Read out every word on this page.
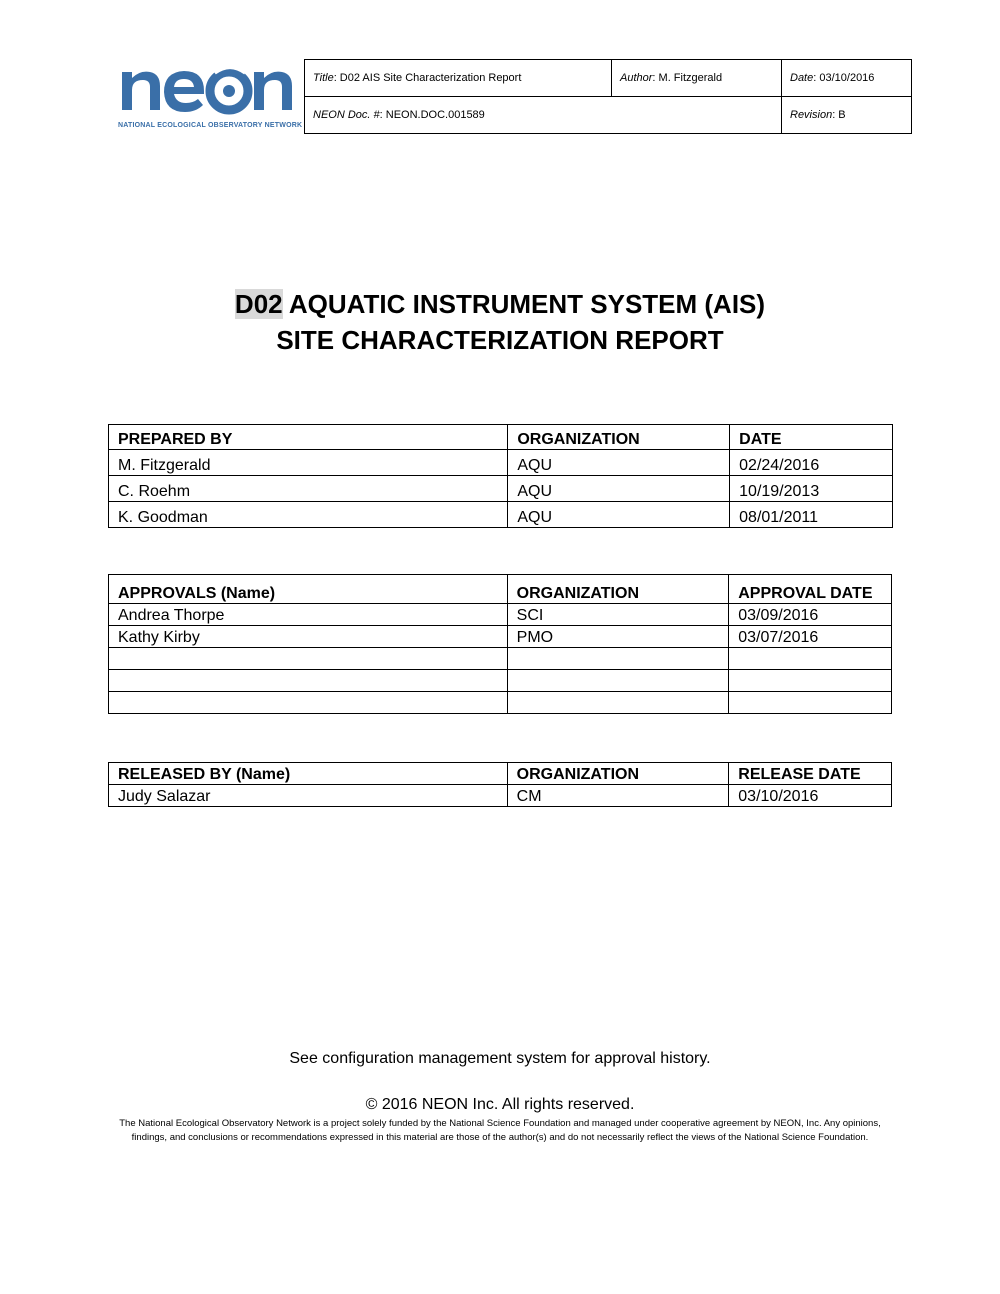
NATIONAL ECOLOGICAL OBSERVATORY NETWORK
Title: D02 AIS Site Characterization Report	Author: M. Fitzgerald	Date: 03/10/2016
NEON Doc. #: NEON.DOC.001589		Revision: B
D02 AQUATIC INSTRUMENT SYSTEM (AIS)
SITE CHARACTERIZATION REPORT
PREPARED BY	ORGANIZATION	DATE
M. Fitzgerald	AQU	02/24/2016
C. Roehm	AQU	10/19/2013
K. Goodman	AQU	08/01/2011
APPROVALS (Name)	ORGANIZATION	APPROVAL DATE
Andrea Thorpe	SCI	03/09/2016
Kathy Kirby	PMO	03/07/2016

RELEASED BY (Name)	ORGANIZATION	RELEASE DATE
Judy Salazar	CM	03/10/2016
See configuration management system for approval history.
© 2016 NEON Inc. All rights reserved.
The National Ecological Observatory Network is a project solely funded by the National Science Foundation and managed under cooperative agreement by NEON, Inc. Any opinions, findings, and conclusions or recommendations expressed in this material are those of the author(s) and do not necessarily reflect the views of the National Science Foundation.
